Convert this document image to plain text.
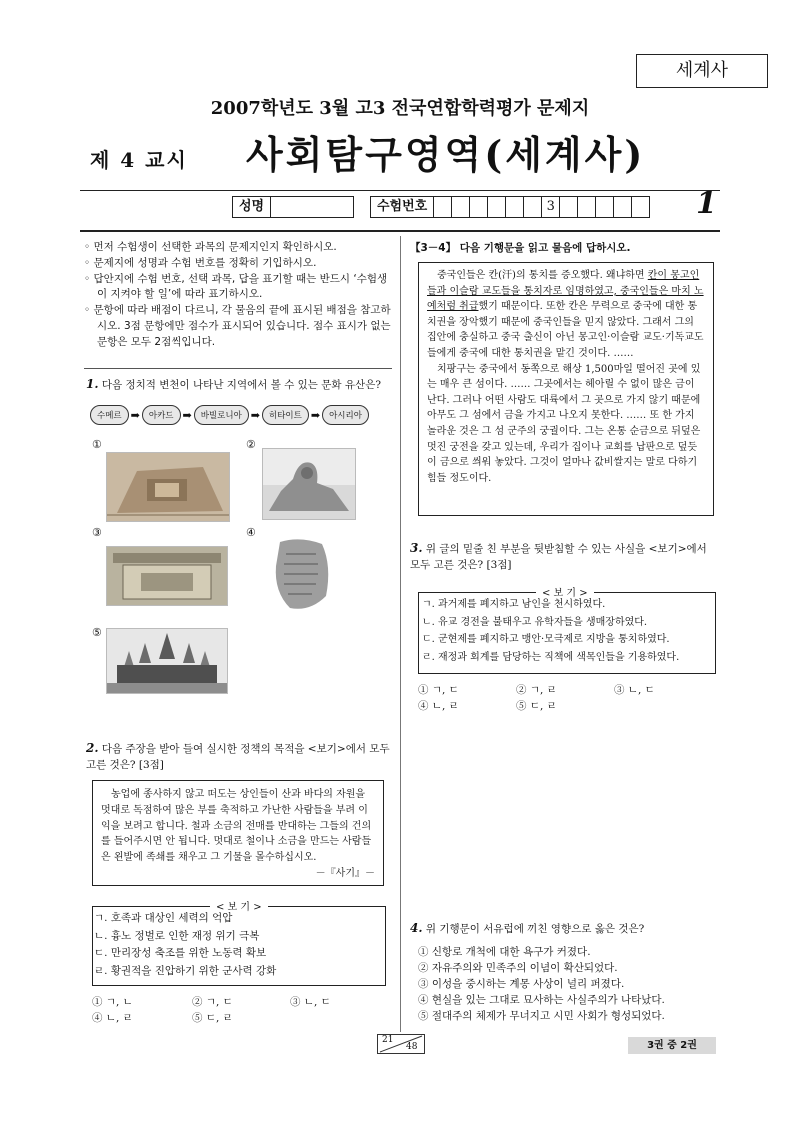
세계사
2007학년도 3월 고3 전국연합학력평가 문제지
제 4 교시 사회탐구영역(세계사)
성명	수험번호	3	1
◦ 먼저 수험생이 선택한 과목의 문제지인지 확인하시오.
◦ 문제지에 성명과 수험 번호를 정확히 기입하시오.
◦ 답안지에 수험 번호, 선택 과목, 답을 표기할 때는 반드시 ‘수험생이 지켜야 할 일’에 따라 표기하시오.
◦ 문항에 따라 배점이 다르니, 각 물음의 끝에 표시된 배점을 참고하시오. 3점 문항에만 점수가 표시되어 있습니다. 점수 표시가 없는 문항은 모두 2점씩입니다.
1. 다음 정치적 변천이 나타난 지역에서 볼 수 있는 문화 유산은?
수메르 ➡	아카드 ➡	바빌로니아 ➡	히타이트 ➡	아시리아
①	②
③	④
⑤
2. 다음 주장을 받아 들여 실시한 정책의 목적을 <보기>에서 모두 고른 것은? [3점]

농업에 종사하지 않고 떠도는 상인들이 산과 바다의 자원을 멋대로 독점하여 많은 부를 축적하고 가난한 사람들을 부려 이익을 보려고 합니다. 철과 소금의 전매를 반대하는 그들의 건의를 들어주시면 안 됩니다. 멋대로 철이나 소금을 만드는 사람들은 왼발에 족쇄를 채우고 그 기물을 몰수하십시오.

－『사기』－

< 보 기 >
ㄱ. 호족과 대상인 세력의 억압
ㄴ. 흉노 정벌로 인한 재정 위기 극복
ㄷ. 만리장성 축조를 위한 노동력 확보
ㄹ. 황권적을 진압하기 위한 군사력 강화
① ㄱ, ㄴ	② ㄱ, ㄷ	③ ㄴ, ㄷ
④ ㄴ, ㄹ	⑤ ㄷ, ㄹ
【3－4】 다음 기행문을 읽고 물음에 답하시오.

중국인들은 칸(汗)의 통치를 증오했다. 왜냐하면 칸이 몽고인들과 이슬람 교도들을 통치자로 임명하였고, 중국인들은 마치 노예처럼 취급했기 때문이다. 또한 칸은 무력으로 중국에 대한 통치권을 장악했기 때문에 중국인들을 믿지 않았다. 그래서 그의 집안에 충실하고 중국 출신이 아닌 몽고인·이슬람 교도·기독교도들에게 중국에 대한 통치권을 맡긴 것이다. ……

치팡구는 중국에서 동쪽으로 해상 1,500마일 떨어진 곳에 있는 매우 큰 섬이다. …… 그곳에서는 헤아릴 수 없이 많은 금이 난다. 그러나 어떤 사람도 대륙에서 그 곳으로 가지 않기 때문에 아무도 그 섬에서 금을 가지고 나오지 못한다. …… 또 한 가지 놀라운 것은 그 섬 군주의 궁궐이다. 그는 온통 순금으로 뒤덮은 멋진 궁전을 갖고 있는데, 우리가 집이나 교회를 납판으로 덮듯이 금으로 씌워 놓았다. 그것이 얼마나 값비쌀지는 말로 다하기 힘들 정도이다.

3. 위 글의 밑줄 친 부분을 뒷받침할 수 있는 사실을 <보기>에서 모두 고른 것은? [3점]
< 보 기 >
ㄱ. 과거제를 폐지하고 남인을 천시하였다.
ㄴ. 유교 경전을 불태우고 유학자들을 생매장하였다.
ㄷ. 군현제를 폐지하고 맹안·모극제로 지방을 통치하였다.
ㄹ. 재정과 회계를 담당하는 직책에 색목인들을 기용하였다.
① ㄱ, ㄷ	② ㄱ, ㄹ	③ ㄴ, ㄷ
④ ㄴ, ㄹ	⑤ ㄷ, ㄹ
4. 위 기행문이 서유럽에 끼친 영향으로 옳은 것은?
① 신항로 개척에 대한 욕구가 커졌다.
② 자유주의와 민족주의 이념이 확산되었다.
③ 이성을 중시하는 계몽 사상이 널리 퍼졌다.
④ 현실을 있는 그대로 묘사하는 사실주의가 나타났다.
⑤ 절대주의 체제가 무너지고 시민 사회가 형성되었다.
21
48	3권 중 2권
